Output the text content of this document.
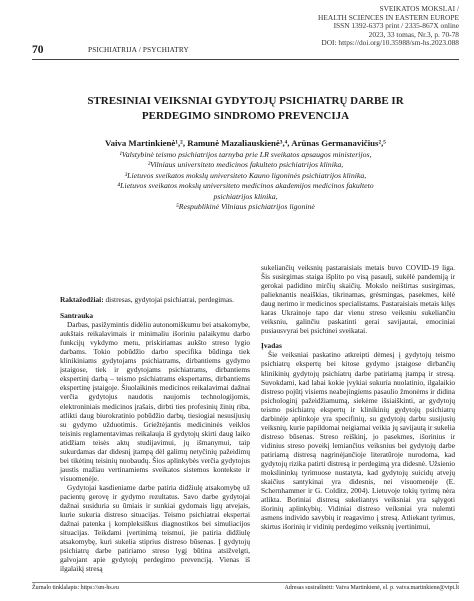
SVEIKATOS MOKSLAI /
HEALTH SCIENCES IN EASTERN EUROPE
ISSN 1392-6373 print / 2335-867X online
2023, 33 tomas, Nr.3, p. 70-78
DOI: https://doi.org/10.35988/sm-hs.2023.088
70	PSICHIATRIJA / PSYCHIATRY
STRESINIAI VEIKSNIAI GYDYTOJŲ PSICHIATRŲ DARBE IR
PERDEGIMO SINDROMO PREVENCIJA
Vaiva Martinkienė¹,², Ramunė Mazaliauskienė³,⁴, Arūnas Germanavičius²,⁵
¹Valstybinė teismo psichiatrijos tarnyba prie LR sveikatos apsaugos ministerijos,
²Vilniaus universiteto medicinos fakulteto psichiatrijos klinika,
³Lietuvos sveikatos mokslų universiteto Kauno ligoninės psichiatrijos klinika,
⁴Lietuvos sveikatos mokslų universiteto medicinos akademijos medicinos fakulteto
psichiatrijos klinika,
⁵Respublikinė Vilniaus psichiatrijos ligoninė

Raktažodžiai: distresas, gydytojai psichiatrai, perdegimas.

Santrauka

Darbas, pasižymintis didėliu autonomiškumu bei atsakomybe, aukštais reikalavimais ir minimaliu išoriniu palaikymu darbo funkcijų vykdymo metu, priskiriamas aukšto streso lygio darbams. Tokio pobūdžio darbo specifika būdinga tiek klinikiniams gydytojams psichiatrams, dirbantiems gydymo įstaigose, tiek ir gydytojams psichiatrams, dirbantiems ekspertinį darbą – teismo psichiatrams ekspertams, dirbantiems ekspertinę įstaigoje. Šiuolaikinės medicinos reikalavimai dažnai verčia gydytojus naudotis naujomis technologijomis, elektroniniais medicinos įrašais, dirbti ties profesinių žinių riba, atlikti daug biurokratinio pobūdžio darbų, tiesiogiai nesusijusių su gydymo užduotimis. Griežtėjantis medicininės veiklos teisinis reglamentavimas reikalauja iš gydytojų skirti daug laiko atidžiam teisės aktų studijavimui, jų išmanymui, taip sukurdamas dar didesnį įtampą dėl galimų netyčinių pažeidimų bei tikėtinų teisinių nuobaudų. Šios aplinkybės verčia gydytojus jaustis mažiau vertinamiems sveikatos sistemos kontekste ir visuomenėje.

Gydytojai kasdieniame darbe patiria didžiulę atsakomybę už pacientų gerovę ir gydymo rezultatus. Savo darbe gydytojai dažnai susiduria su ūmiais ir sunkiai gydomais ligų atvejais, kurie sukuria distreso situacijas. Teismo psichiatrai ekspertai dažnai patenka į kompleksiškus diagnostikos bei simuliacijos situacijas. Teikdami įvertinimą teismui, jie patiria didžiulę atsakomybę, kuri sukelia stiprius distreso būsenas. Į gydytojų psichiatrų darbe patiriamo streso lygį būtina atsižvelgti, galvojant apie gydytojų perdegimo prevenciją. Vienas iš ilgalaikį stresą

sukeliančių veiksnių pastaraisiais metais buvo COVID-19 liga. Šis susirgimas staiga išplito po visą pasaulį, sukėlė pandemiją ir gerokai padidino mirčių skaičių. Mokslo neištirtas susirgimas, palieknantis neaiškias, tikrinamas, grėsmingas, pasekmes, kėlė daug nerimo ir medicinos specialistams. Pastaraisiais metais kilęs karas Ukrainoje tapo dar vienu streso veiksniu sukeliančiu veiksniu, galinčiu paskatinti gerai savijautai, emociniai pusiausvyrai bei psichinei sveikatai.

Įvadas

Šie veiksniai paskatino atkreipti dėmesį į gydytojų teismo psichiatrų ekspertų bei kitose gydymo įstaigose dirbančių klinikinių gydytojų psichiatrų darbe patiriamą įtampą ir stresą. Suvokdami, kad labai kokie įvykiai sukuria nuolatinio, ilgalaikio distreso pojūtį visiems neabejingiems pasaulio žmonėms ir didina psichologinį pažeidžiamumą, siekėme išsiaiškinti, ar gydytojų teismo psichiatrų ekspertų ir klinikinių gydytojų psichiatrų darbinėje aplinkoje yra specifinių, su gydytojų darbu susijusių veiksnių, kurie papildomai neigiamai veikia jų savijautą ir sukelia distreso būsenas. Streso reiškinį, jo pasekmes, išorinius ir vidinius streso poveikį lemiančius veiksnius bei gydytojų darbe patiriamą distresą nagrinėjančioje literatūroje nurodoma, kad gydytojų rizika patirti distresą ir perdegimą yra didesnė. Užsienio mokslininkų tyrimuose nustatyta, kad gydytojų suicidų atvejų skaičius santykinai yra didesnis, nei visuomenėje (E. Schernhammer ir G. Colditz, 2004). Lietuvoje tokių tyrimų nėra atlikta. Boriniai distresą sukeliantys veiksniai yra sąlygoti išorinių aplinkybių. Vidiniai distreso veiksniai yra nulemti asmens individo savybių ir reagavimo į stresą. Atliekant tyrimus, skirtus išorinių ir vidinių perdegimo veiksnių įvertinimui,

Žurnalo tinklalapis: https://sm-hs.eu	Adresas susirašinėti: Vaiva Martinkienė, el. p. vaiva.martinkiene@vtpt.lt
